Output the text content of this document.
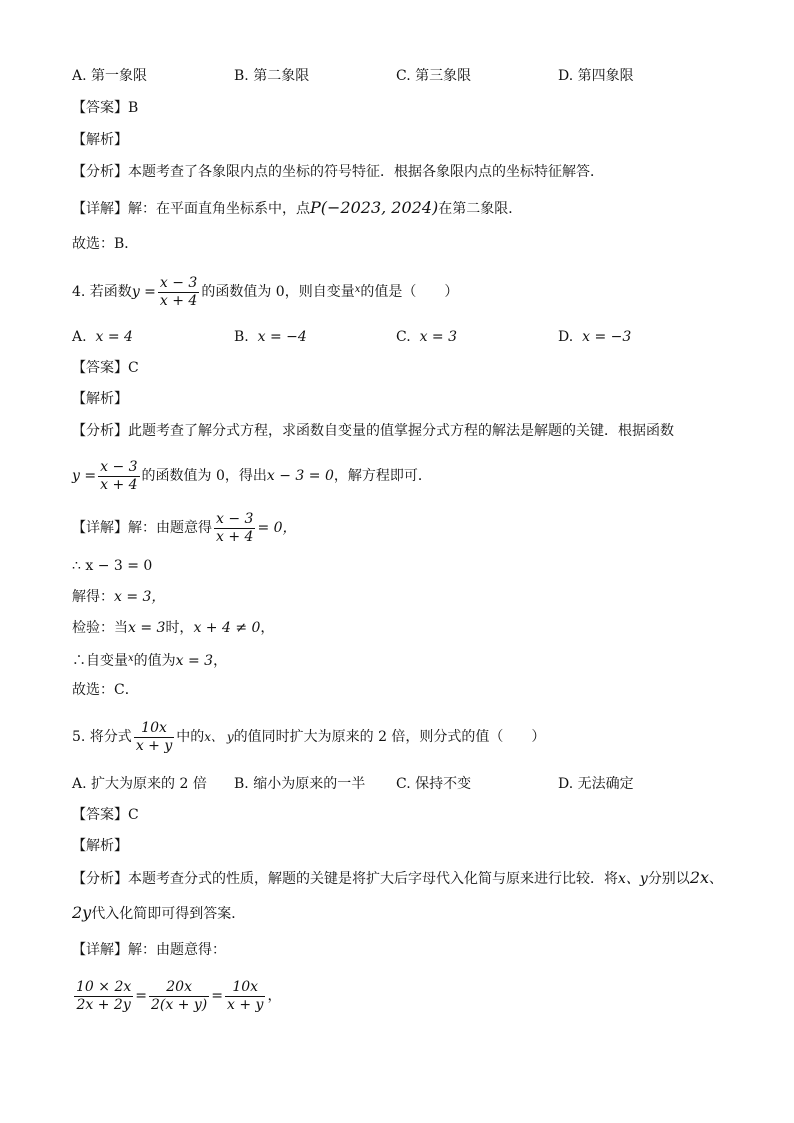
A. 第一象限	B. 第二象限	C. 第三象限	D. 第四象限
【答案】B
【解析】
【分析】本题考查了各象限内点的坐标的符号特征．根据各象限内点的坐标特征解答．
【详解】解：在平面直角坐标系中，点P(−2023, 2024)在第二象限．
故选：B．
4. 若函数$y = \frac{x - 3}{x + 4}$ 的函数值为 0，则自变量$^x$的值是（　　）
A. x = 4	B. x = −4	C. x = 3	D. x = −3
【答案】C
【解析】
【分析】此题考查了解分式方程，求函数自变量的值掌握分式方程的解法是解题的关键．根据函数
$y = \frac{x - 3}{x + 4}$ 的函数值为 0，得出x − 3 = 0，解方程即可．
【详解】解：由题意得 $\frac{x - 3}{x + 4} = 0$，
∴ x − 3 = 0
解得：x = 3，
检验：当x = 3时，x + 4 ≠ 0，
∴自变量$^x$的值为x = 3，
故选：C．
5. 将分式 $\frac{10x}{x + y}$ 中的x、 y的值同时扩大为原来的 2 倍，则分式的值（　　）
A. 扩大为原来的 2 倍 B. 缩小为原来的一半 C. 保持不变	D. 无法确定
【答案】C
【解析】
【分析】本题考查分式的性质，解题的关键是将扩大后字母代入化简与原来进行比较．将x、y分别以2x、
2y代入化简即可得到答案．
【详解】解：由题意得：
$\frac{10 \times 2x}{2x + 2y} = \frac{20x}{2(x + y)} = \frac{10x}{x + y}$ ，
